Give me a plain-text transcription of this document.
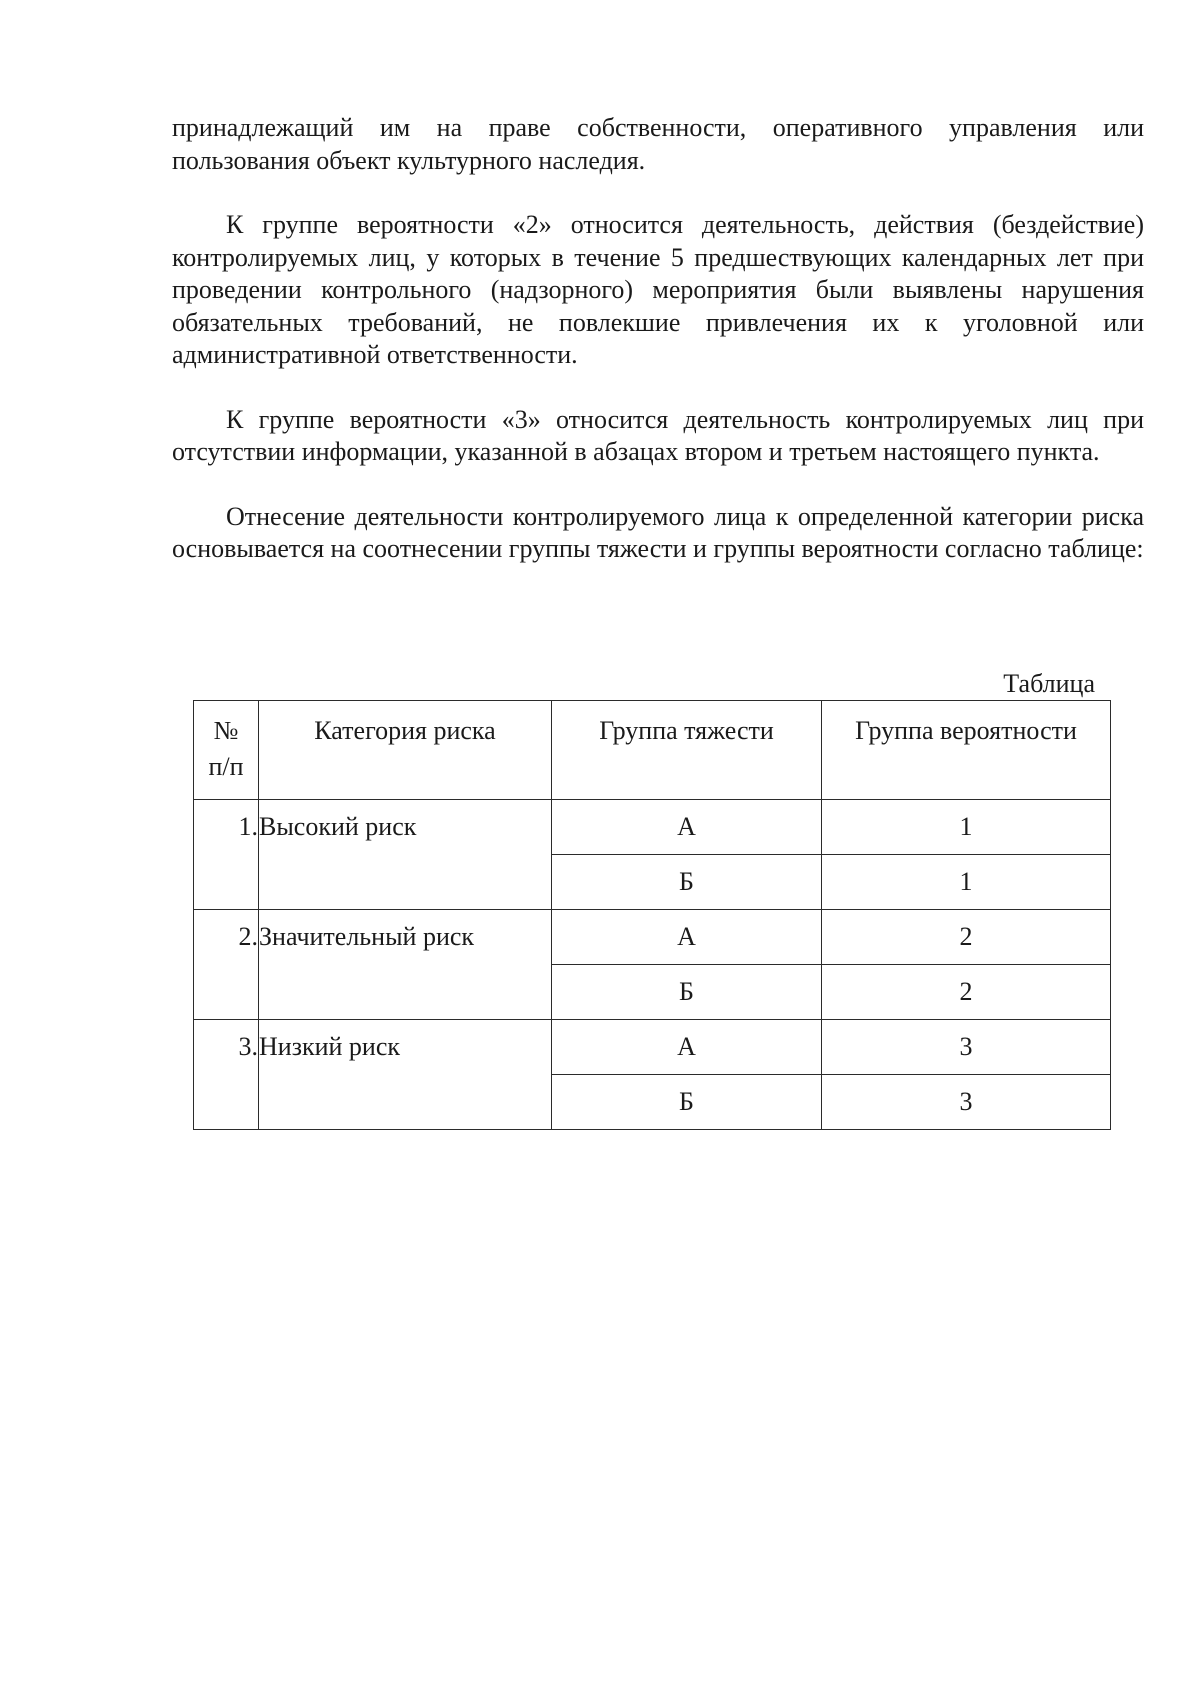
принадлежащий им на праве собственности, оперативного управления или пользования объект культурного наследия.

К группе вероятности «2» относится деятельность, действия (бездействие) контролируемых лиц, у которых в течение 5 предшествующих календарных лет при проведении контрольного (надзорного) мероприятия были выявлены нарушения обязательных требований, не повлекшие привлечения их к уголовной или административной ответственности.

К группе вероятности «3» относится деятельность контролируемых лиц при отсутствии информации, указанной в абзацах втором и третьем настоящего пункта.

Отнесение деятельности контролируемого лица к определенной категории риска основывается на соотнесении группы тяжести и группы вероятности согласно таблице:

Таблица
№
п/п	Категория риска	Группа тяжести	Группа вероятности
1.	Высокий риск	А	1
		Б	1
2.	Значительный риск	А	2
		Б	2
3.	Низкий риск	А	3
		Б	3
